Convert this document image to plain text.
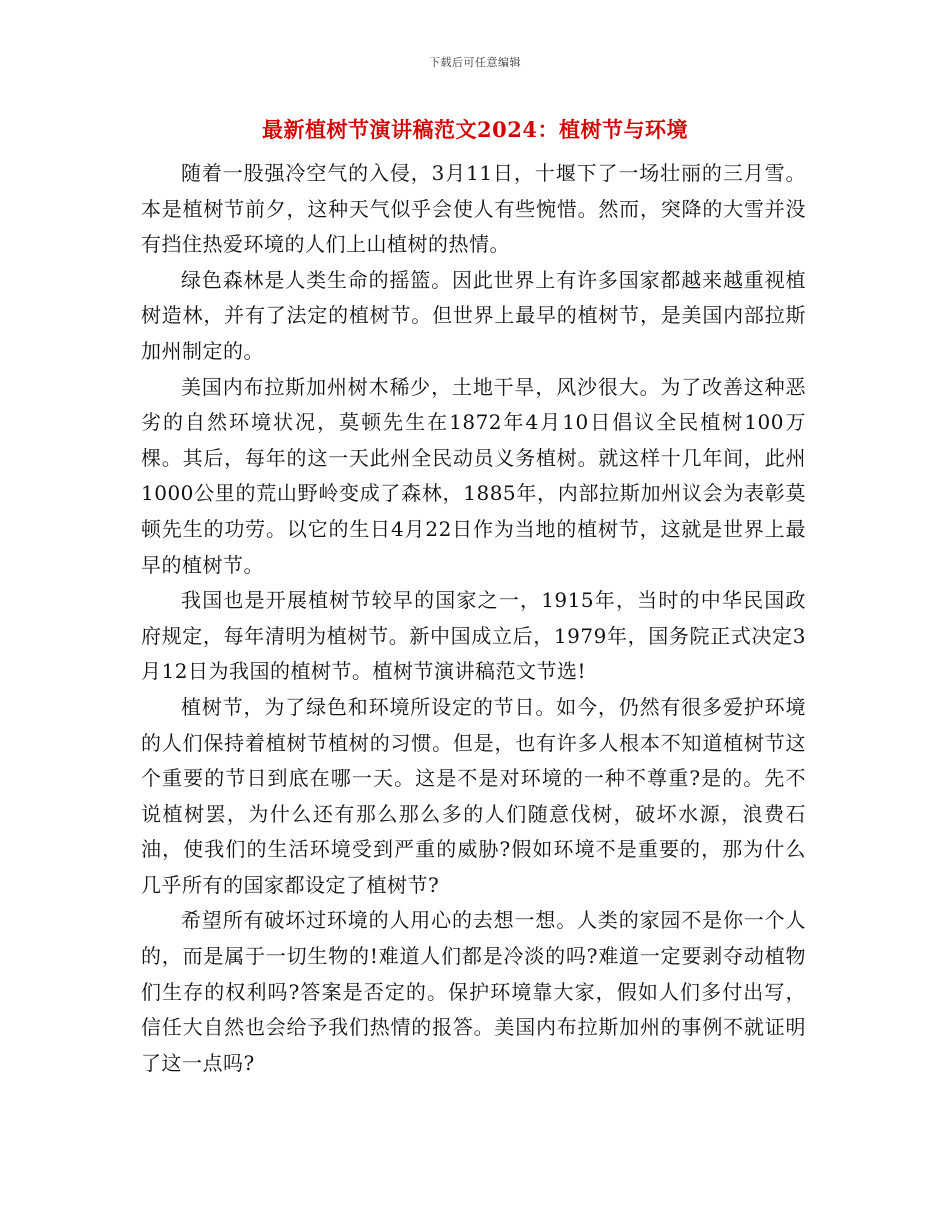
下载后可任意编辑
最新植树节演讲稿范文2024：植树节与环境

随着一股强冷空气的入侵，3月11日，十堰下了一场壮丽的三月雪。本是植树节前夕，这种天气似乎会使人有些惋惜。然而，突降的大雪并没有挡住热爱环境的人们上山植树的热情。

绿色森林是人类生命的摇篮。因此世界上有许多国家都越来越重视植树造林，并有了法定的植树节。但世界上最早的植树节，是美国内部拉斯加州制定的。

美国内布拉斯加州树木稀少，土地干旱，风沙很大。为了改善这种恶劣的自然环境状况，莫顿先生在1872年4月10日倡议全民植树100万棵。其后，每年的这一天此州全民动员义务植树。就这样十几年间，此州1000公里的荒山野岭变成了森林，1885年，内部拉斯加州议会为表彰莫顿先生的功劳。以它的生日4月22日作为当地的植树节，这就是世界上最早的植树节。

我国也是开展植树节较早的国家之一，1915年，当时的中华民国政府规定，每年清明为植树节。新中国成立后，1979年，国务院正式决定3月12日为我国的植树节。植树节演讲稿范文节选!

植树节，为了绿色和环境所设定的节日。如今，仍然有很多爱护环境的人们保持着植树节植树的习惯。但是，也有许多人根本不知道植树节这个重要的节日到底在哪一天。这是不是对环境的一种不尊重?是的。先不说植树罢，为什么还有那么那么多的人们随意伐树，破坏水源，浪费石油，使我们的生活环境受到严重的威胁?假如环境不是重要的，那为什么几乎所有的国家都设定了植树节?

希望所有破坏过环境的人用心的去想一想。人类的家园不是你一个人的，而是属于一切生物的!难道人们都是冷淡的吗?难道一定要剥夺动植物们生存的权利吗?答案是否定的。保护环境靠大家，假如人们多付出写，信任大自然也会给予我们热情的报答。美国内布拉斯加州的事例不就证明了这一点吗?
